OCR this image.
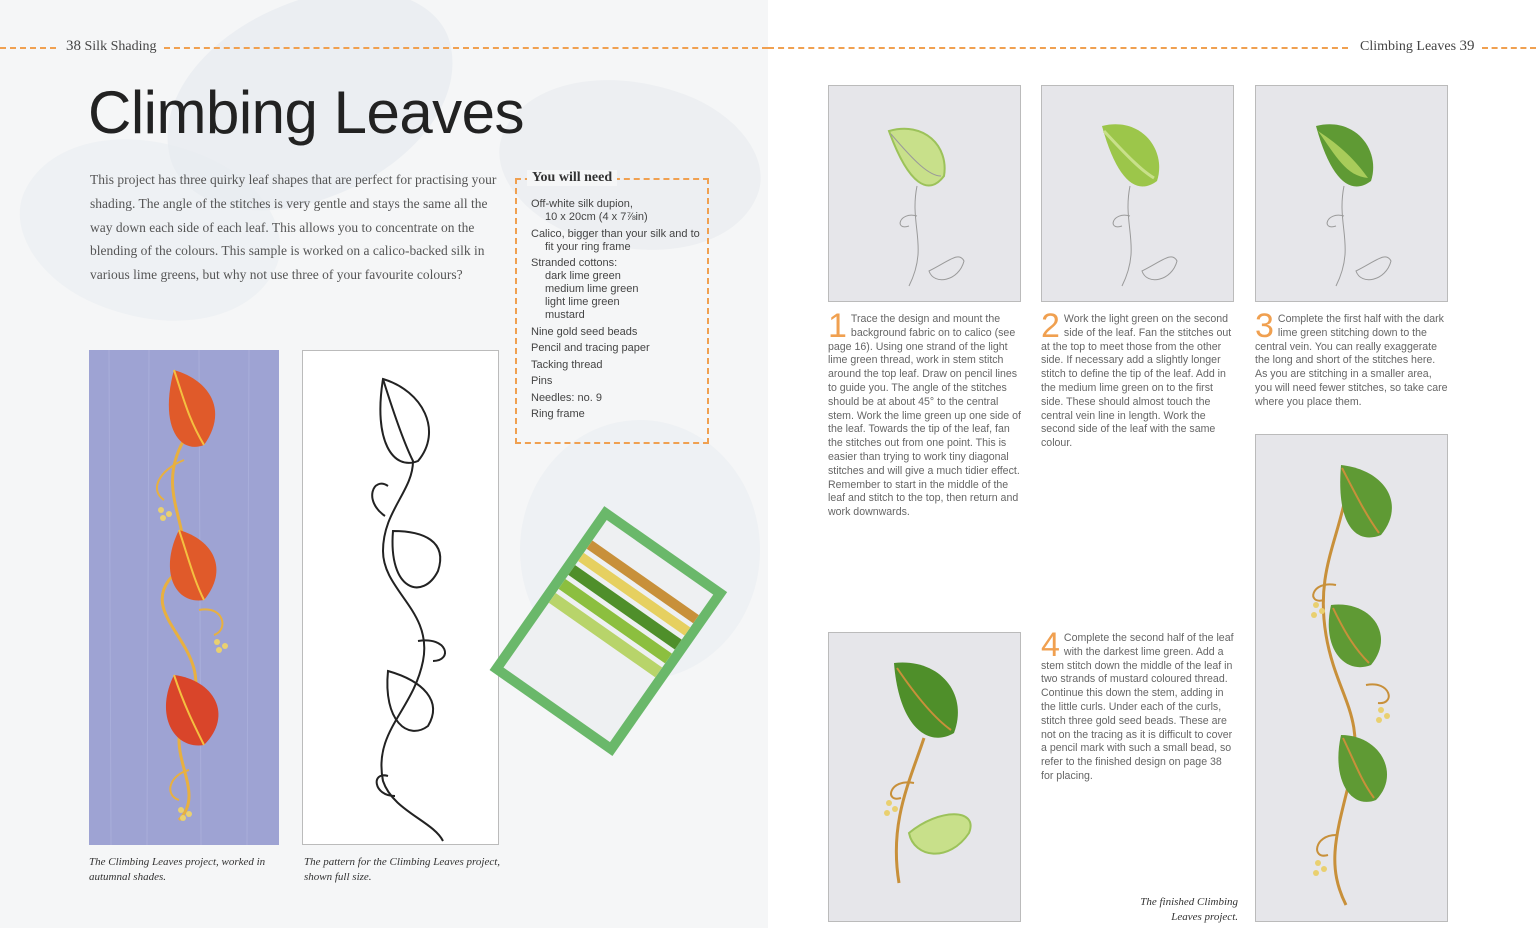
38 Silk Shading
Climbing Leaves
This project has three quirky leaf shapes that are perfect for practising your shading. The angle of the stitches is very gentle and stays the same all the way down each side of each leaf. This allows you to concentrate on the blending of the colours. This sample is worked on a calico-backed silk in various lime greens, but why not use three of your favourite colours?
You will need
Off-white silk dupion,
10 x 20cm (4 x 7⅞in)
Calico, bigger than your silk and to
fit your ring frame
Stranded cottons:
dark lime green
medium lime green
light lime green
mustard
Nine gold seed beads
Pencil and tracing paper
Tacking thread
Pins
Needles: no. 9
Ring frame
The Climbing Leaves project, worked in autumnal shades.
The pattern for the Climbing Leaves project, shown full size.
Climbing Leaves 39
1 Trace the design and mount the background fabric on to calico (see page 16). Using one strand of the light lime green thread, work in stem stitch around the top leaf. Draw on pencil lines to guide you. The angle of the stitches should be at about 45° to the central stem. Work the lime green up one side of the leaf. Towards the tip of the leaf, fan the stitches out from one point. This is easier than trying to work tiny diagonal stitches and will give a much tidier effect. Remember to start in the middle of the leaf and stitch to the top, then return and work downwards.
2 Work the light green on the second side of the leaf. Fan the stitches out at the top to meet those from the other side. If necessary add a slightly longer stitch to define the tip of the leaf. Add in the medium lime green on to the first side. These should almost touch the central vein line in length. Work the second side of the leaf with the same colour.
3 Complete the first half with the dark lime green stitching down to the central vein. You can really exaggerate the long and short of the stitches here. As you are stitching in a smaller area, you will need fewer stitches, so take care where you place them.
4 Complete the second half of the leaf with the darkest lime green. Add a stem stitch down the middle of the leaf in two strands of mustard coloured thread. Continue this down the stem, adding in the little curls. Under each of the curls, stitch three gold seed beads. These are not on the tracing as it is difficult to cover a pencil mark with such a small bead, so refer to the finished design on page 38 for placing.
The finished Climbing Leaves project.
